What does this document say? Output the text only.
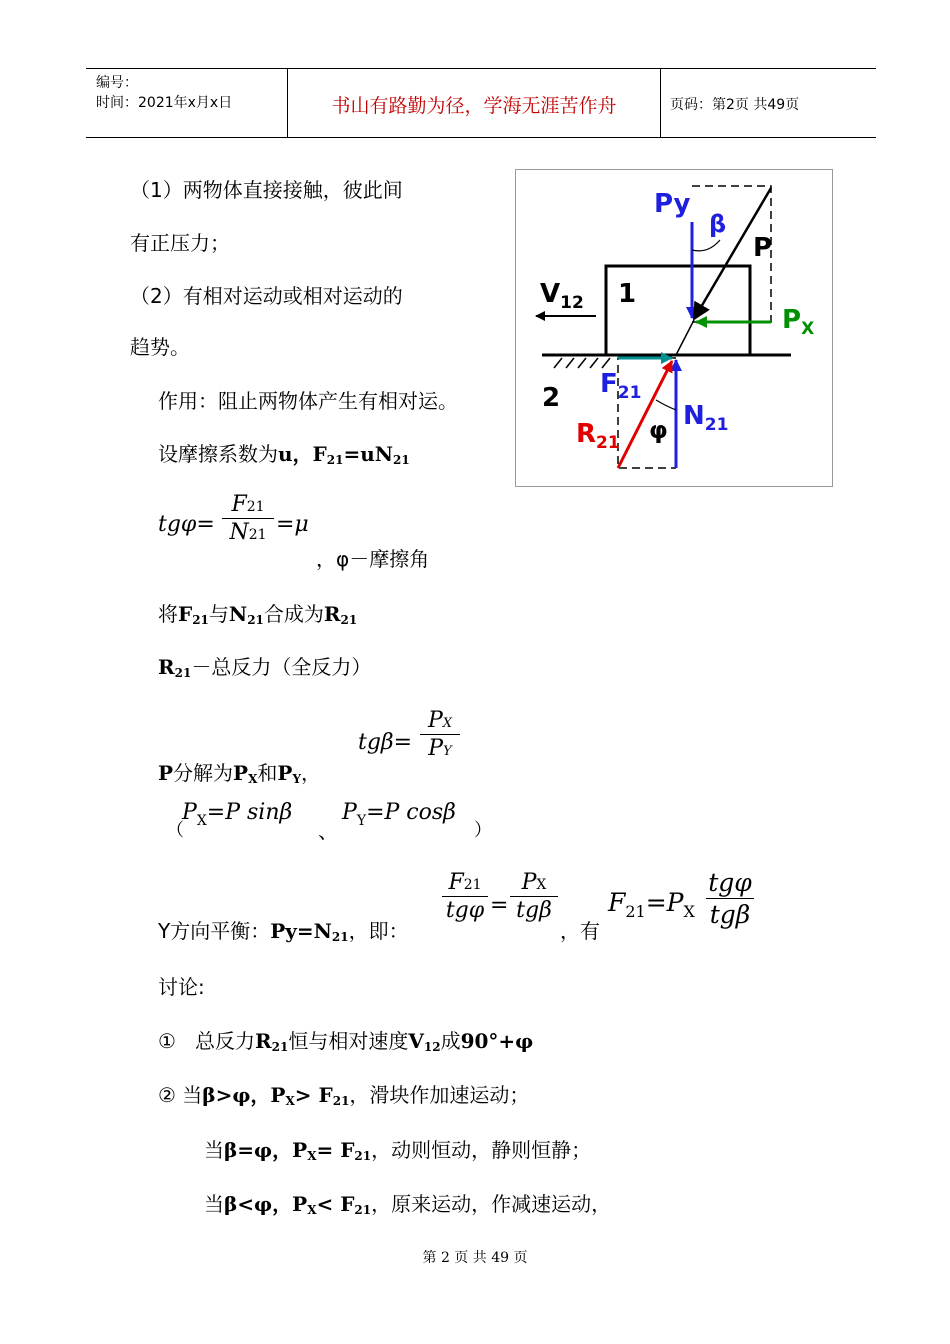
编号：
时间：2021年x月x日	书山有路勤为径，学海无涯苦作舟	页码：第2页 共49页
（1）两物体直接接触，彼此间
有正压力；
（2）有相对运动或相对运动的
趋势。
作用：阻止两物体产生有相对运。
设摩擦系数为u，$F_{21}=uN_{21}$
$tg\varphi= \frac{F21}{N21} =\mu$
，φ－摩擦角
将$F_{21}$与$N_{21}$合成为$R_{21}$
$R_{21}-$总反力（全反力）
$tg\beta= \frac{PX}{PY}$
P分解为$P_X$和$P_Y$，
（
$P_X=P$ sinβ
、
$P_Y=P$ cosβ
）
Y方向平衡：$Py=N_{21}$，即：
F21
tgφ =
PX
tgβ
，有
$F_{21}=P_X$
tgφ
tgβ
讨论:
① 总反力$R_{21}$恒与相对速度$V_{12}$成90°+φ
② 当β>φ，$P_X> F_{21}$，滑块作加速运动；
当β=φ，$P_X= F_{21}$，动则恒动，静则恒静；
当β<φ，$P_X< F_{21}$，原来运动，作减速运动，
Py
β
P
$V_{12}$ 1
$P_X$
2 $F_{21}$
$R_{21}$ φ $N_{21}$
第 2 页 共 49 页
